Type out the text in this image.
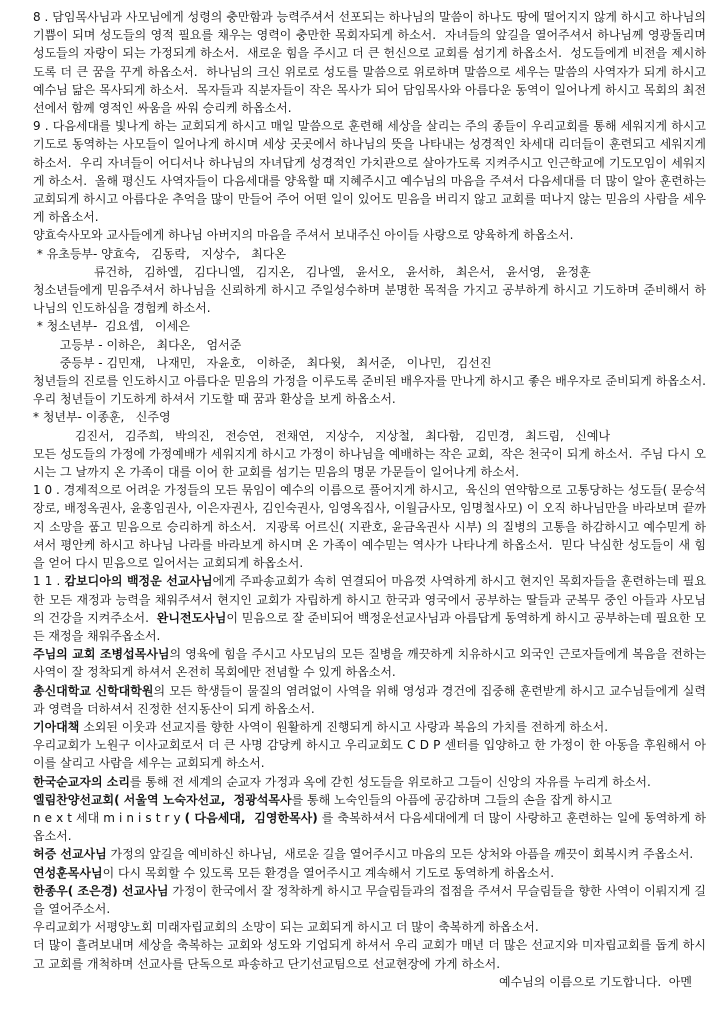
8 . 담임목사님과 사모님에게 성령의 충만함과 능력주셔서 선포되는 하나님의 말씀이 하나도 땅에 떨어지지 않게 하시고 하나님의 기쁨이 되며 성도들의 영적 필요를 채우는 영력이 충만한 목회자되게 하소서.  자녀들의 앞길을 열어주셔서 하나님께 영광돌리며 성도들의 자랑이 되는 가정되게 하소서.  새로운 힘을 주시고 더 큰 헌신으로 교회를 섬기게 하옵소서.  성도들에게 비전을 제시하도록 더 큰 꿈을 꾸게 하옵소서.  하나님의 크신 위로로 성도를 말씀으로 위로하며 말씀으로 세우는 말씀의 사역자가 되게 하시고 예수님 닮은 목사되게 하소서.  목자들과 직분자들이 작은 목사가 되어 담임목사와 아름다운 동역이 일어나게 하시고 목회의 최전선에서 함께 영적인 싸움을 싸워 승리케 하옵소서.

9 . 다음세대를 빛나게 하는 교회되게 하시고 매일 말씀으로 훈련해 세상을 살리는 주의 종들이 우리교회를 통해 세워지게 하시고 기도로 동역하는 사모들이 일어나게 하시며 세상 곳곳에서 하나님의 뜻을 나타내는 성경적인 차세대 리더들이 훈련되고 세워지게 하소서.  우리 자녀들이 어디서나 하나님의 자녀답게 성경적인 가치관으로 살아가도록 지켜주시고 인근학교에 기도모임이 세워지게 하소서.  올해 평신도 사역자들이 다음세대를 양육할 때 지혜주시고 예수님의 마음을 주셔서 다음세대를 더 많이 알아 훈련하는 교회되게 하시고 아름다운 추억을 많이 만들어 주어 어떤 일이 있어도 믿음을 버리지 않고 교회를 떠나지 않는 믿음의 사람을 세우게 하옵소서.

양효숙사모와 교사들에게 하나님 아버지의 마음을 주셔서 보내주신 아이들 사랑으로 양육하게 하옵소서.

* 유초등부- 양효숙,   김동락,   지상수,   최다온

류건하,   김하엘,   김다니엘,   김지온,   김나엘,   윤서오,   윤서하,   최은서,   윤서영,   윤정훈

청소년들에게 믿음주셔서 하나님을 신뢰하게 하시고 주일성수하며 분명한 목적을 가지고 공부하게 하시고 기도하며 준비해서 하나님의 인도하심을 경험케 하소서.

* 청소년부-  김요셉,   이세은

고등부 - 이하은,   최다온,   엄서준

중등부 - 김민재,   나재민,   자윤호,   이하준,   최다윗,   최서준,   이나민,   김선진

청년들의 진로를 인도하시고 아름다운 믿음의 가정을 이루도록 준비된 배우자를 만나게 하시고 좋은 배우자로 준비되게 하옵소서.  우리 청년들이 기도하게 하셔서 기도할 때 꿈과 환상을 보게 하옵소서.

* 청년부- 이종훈,   신주영

김진서,   김주희,   박의진,   전승연,   전채연,   지상수,   지상철,   최다함,   김민경,   최드림,   신예나

모든 성도들의 가정에 가정예배가 세워지게 하시고 가정이 하나님을 예배하는 작은 교회,  작은 천국이 되게 하소서.  주님 다시 오시는 그 날까지 온 가족이 대를 이어 한 교회를 섬기는 믿음의 명문 가문들이 일어나게 하소서.

1 0 . 경제적으로 어려운 가정들의 모든 묶임이 예수의 이름으로 풀어지게 하시고,  육신의 연약함으로 고통당하는 성도들( 문승석장로, 배정옥권사, 윤홍임권사, 이은자권사, 김인숙권사, 임영옥집사, 이월금사모, 임명철사모) 이 오직 하나님만을 바라보며 끝까지 소망을 품고 믿음으로 승리하게 하소서.  지광록 어르신( 지관호, 윤금옥권사 시부) 의 질병의 고통을 하감하시고 예수믿게 하셔서 평안케 하시고 하나님 나라를 바라보게 하시며 온 가족이 예수믿는 역사가 나타나게 하옵소서.  믿다 낙심한 성도들이 새 힘을 얻어 다시 믿음으로 일어서는 교회되게 하옵소서.

1 1 . 캄보디아의 백정운 선교사님에게 주파송교회가 속히 연결되어 마음껏 사역하게 하시고 현지인 목회자들을 훈련하는데 필요한 모든 재정과 능력을 채워주셔서 현지인 교회가 자립하게 하시고 한국과 영국에서 공부하는 딸들과 군복무 중인 아들과 사모님의 건강을 지켜주소서.  완니전도사님이 믿음으로 잘 준비되어 백정운선교사님과 아름답게 동역하게 하시고 공부하는데 필요한 모든 재정을 채워주옵소서.

주님의 교회 조병섭목사님의 영육에 힘을 주시고 사모님의 모든 질병을 깨끗하게 치유하시고 외국인 근로자들에게 복음을 전하는 사역이 잘 정착되게 하셔서 온전히 목회에만 전념할 수 있게 하옵소서.

총신대학교 신학대학원의 모든 학생들이 물질의 염려없이 사역을 위해 영성과 경건에 집중해 훈련받게 하시고 교수님들에게 실력과 영력을 더하셔서 진정한 선지동산이 되게 하옵소서.

기아대책 소외된 이웃과 선교지를 향한 사역이 원활하게 진행되게 하시고 사랑과 복음의 가치를 전하게 하소서.

우리교회가 노원구 이사교회로서 더 큰 사명 감당케 하시고 우리교회도 C D P 센터를 입양하고 한 가정이 한 아동을 후원해서 아이를 살리고 사람을 세우는 교회되게 하소서.

한국순교자의 소리를 통해 전 세계의 순교자 가정과 옥에 갇힌 성도들을 위로하고 그들이 신앙의 자유를 누리게 하소서.

엘림찬양선교회( 서울역 노숙자선교,  정광석목사를 통해 노숙인들의 아픔에 공감하며 그들의 손을 잡게 하시고

n e x t 세대 m i n i s t r y ( 다음세대,  김영한목사) 를 축복하셔서 다음세대에게 더 많이 사랑하고 훈련하는 일에 동역하게 하옵소서.

허증 선교사님 가정의 앞길을 예비하신 하나님,  새로운 길을 열어주시고 마음의 모든 상처와 아픔을 깨끗이 회복시켜 주옵소서.

연성훈목사님이 다시 목회할 수 있도록 모든 환경을 열어주시고 계속해서 기도로 동역하게 하옵소서.

한종우( 조은경) 선교사님 가정이 한국에서 잘 정착하게 하시고 무슬림들과의 접점을 주셔서 무슬림들을 향한 사역이 이뤄지게 길을 열어주소서.

우리교회가 서평양노회 미래자립교회의 소망이 되는 교회되게 하시고 더 많이 축복하게 하옵소서.

더 많이 흘려보내며 세상을 축복하는 교회와 성도와 기업되게 하셔서 우리 교회가 매년 더 많은 선교지와 미자립교회를 돕게 하시고 교회를 개척하며 선교사를 단독으로 파송하고 단기선교팀으로 선교현장에 가게 하소서.

예수님의 이름으로 기도합니다.  아멘
